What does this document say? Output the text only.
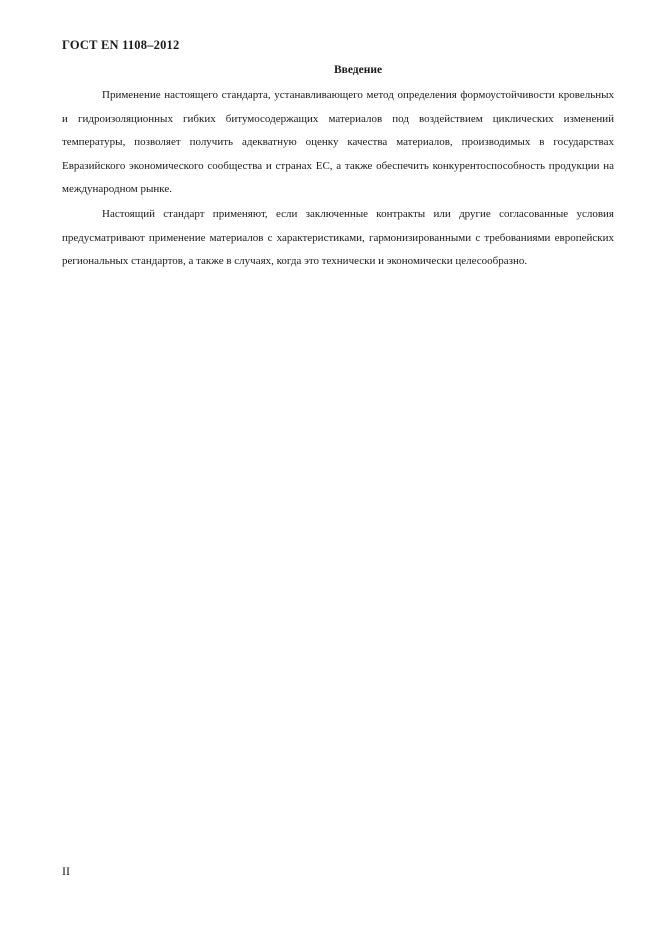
ГОСТ EN 1108–2012
Введение

Применение настоящего стандарта, устанавливающего метод определения формоустойчивости кровельных и гидроизоляционных гибких битумосодержащих материалов под воздействием циклических изменений температуры, позволяет получить адекватную оценку качества материалов, производимых в государствах Евразийского экономического сообщества и странах ЕС, а также обеспечить конкурентоспособность продукции на международном рынке.

Настоящий стандарт применяют, если заключенные контракты или другие согласованные условия предусматривают применение материалов с характеристиками, гармонизированными с требованиями европейских региональных стандартов, а также в случаях, когда это технически и экономически целесообразно.

II
